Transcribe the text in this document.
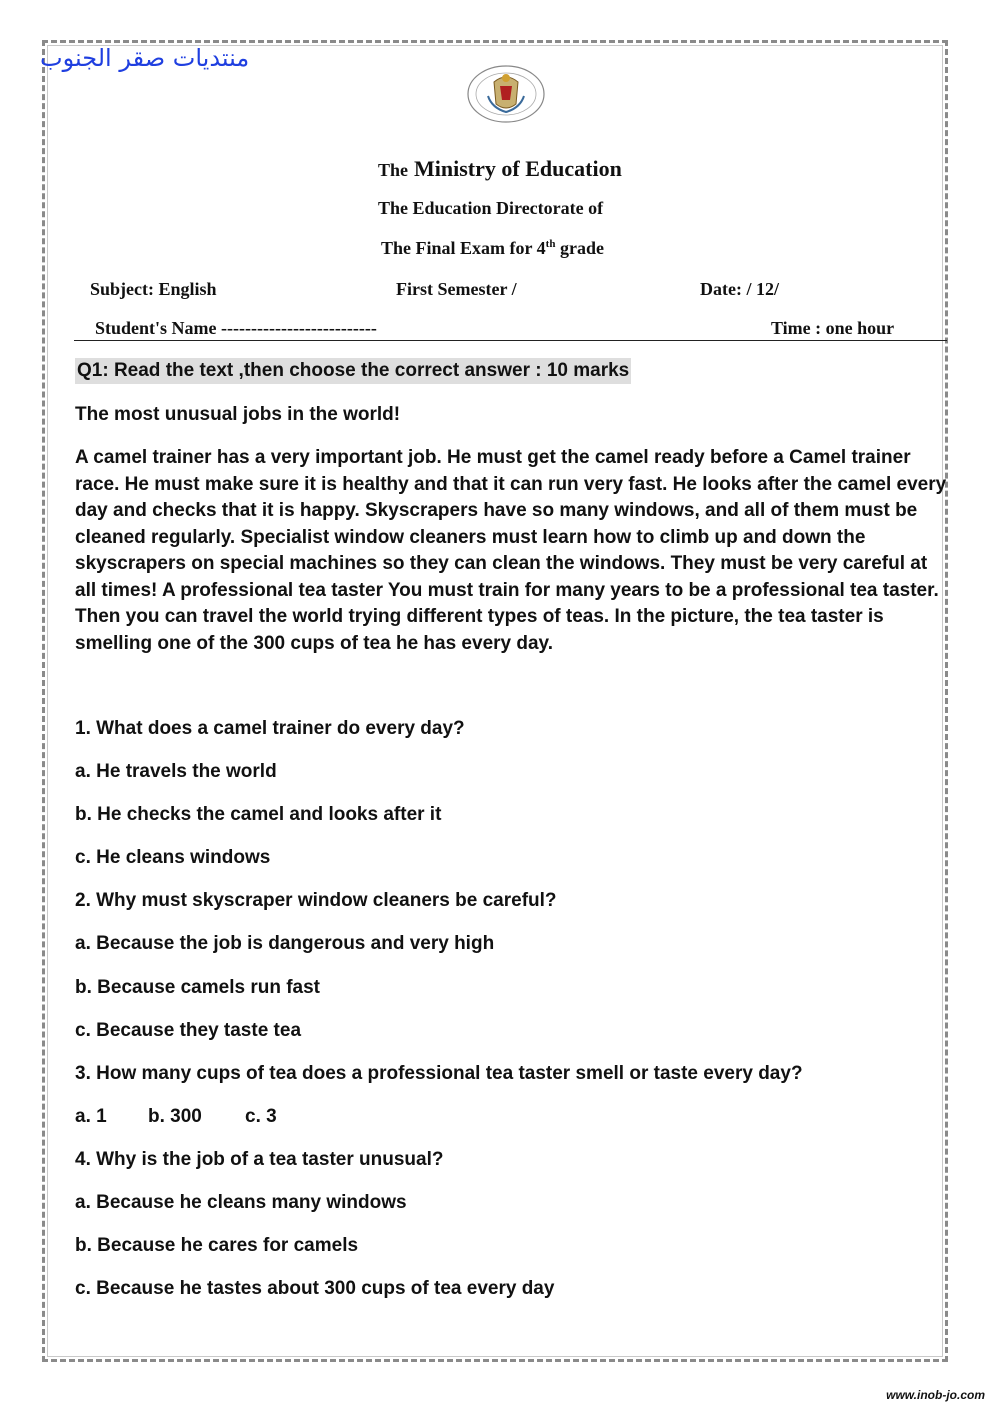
منتديات صقر الجنوب
The Ministry of Education
The Education Directorate of
The Final Exam for 4th grade
Subject: English	First Semester /	Date: / 12/
Student's Name --------------------------	Time : one hour
Q1: Read the text ,then choose the correct answer : 10 marks

The most unusual jobs in the world!

A camel trainer has a very important job. He must get the camel ready before a Camel trainer race. He must make sure it is healthy and that it can run very fast. He looks after the camel every day and checks that it is happy. Skyscrapers have so many windows, and all of them must be cleaned regularly. Specialist window cleaners must learn how to climb up and down the skyscrapers on special machines so they can clean the windows. They must be very careful at all times! A professional tea taster You must train for many years to be a professional tea taster. Then you can travel the world trying different types of teas. In the picture, the tea taster is smelling one of the 300 cups of tea he has every day.

1. What does a camel trainer do every day?
a. He travels the world
b. He checks the camel and looks after it
c. He cleans windows
2. Why must skyscraper window cleaners be careful?
a. Because the job is dangerous and very high
b. Because camels run fast
c. Because they taste tea
3. How many cups of tea does a professional tea taster smell or taste every day?
a. 1 b. 300 c. 3
4. Why is the job of a tea taster unusual?
a. Because he cleans many windows
b. Because he cares for camels
c. Because he tastes about 300 cups of tea every day
www.inob-jo.com
